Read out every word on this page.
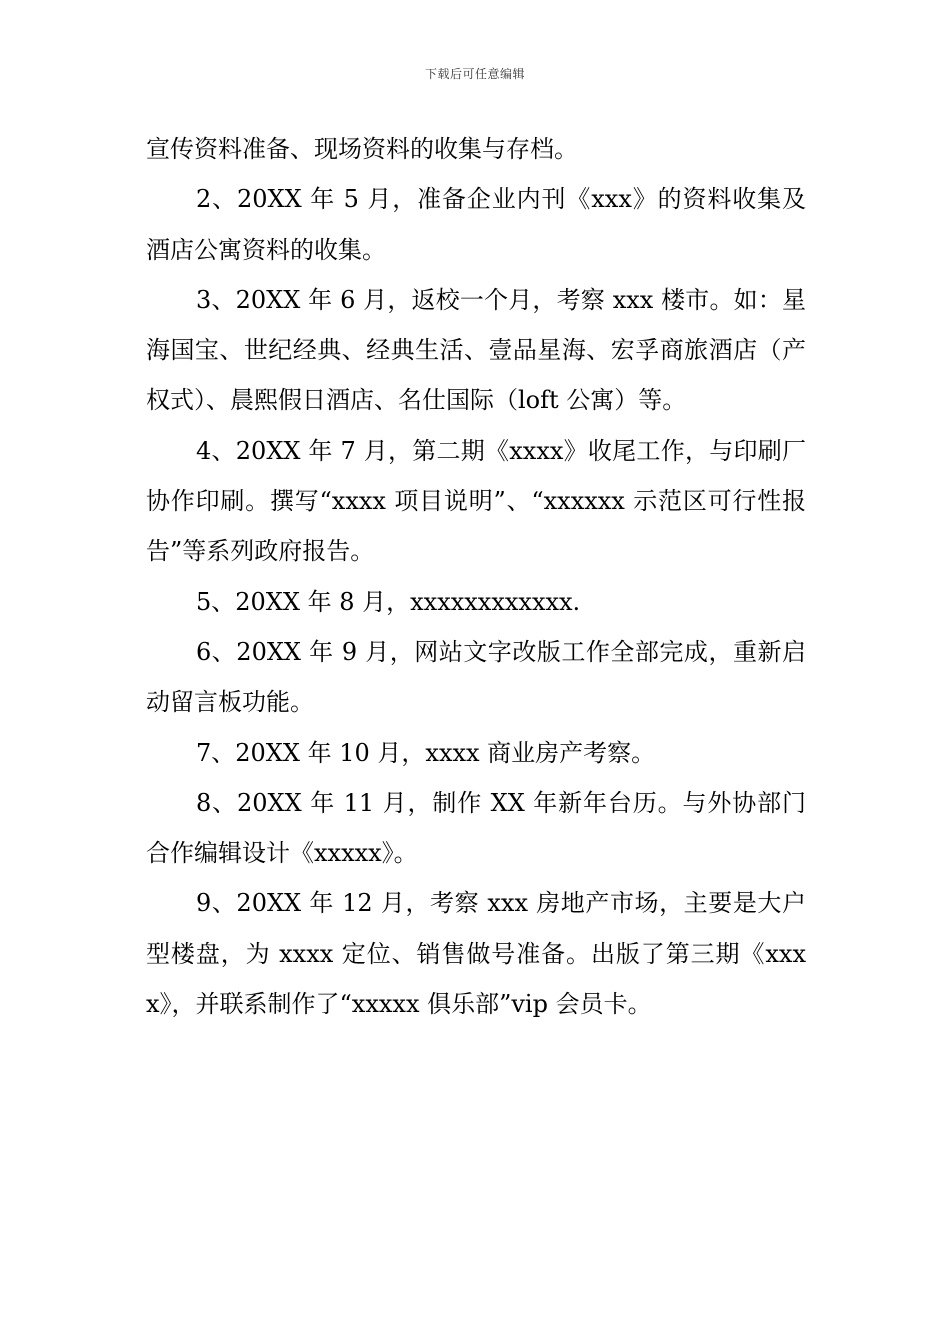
下载后可任意编辑

宣传资料准备、现场资料的收集与存档。

2、20XX 年 5 月，准备企业内刊《xxx》的资料收集及酒店公寓资料的收集。

3、20XX 年 6 月，返校一个月，考察 xxx 楼市。如：星海国宝、世纪经典、经典生活、壹品星海、宏孚商旅酒店（产权式）、晨熙假日酒店、名仕国际（loft 公寓）等。

4、20XX 年 7 月，第二期《xxxx》收尾工作，与印刷厂协作印刷。撰写“xxxx 项目说明”、“xxxxxx 示范区可行性报告”等系列政府报告。

5、20XX 年 8 月，xxxxxxxxxxxx.

6、20XX 年 9 月，网站文字改版工作全部完成，重新启动留言板功能。

7、20XX 年 10 月，xxxx 商业房产考察。

8、20XX 年 11 月，制作 XX 年新年台历。与外协部门合作编辑设计《xxxxx》。

9、20XX 年 12 月，考察 xxx 房地产市场，主要是大户型楼盘，为 xxxx 定位、销售做号准备。出版了第三期《xxxx》，并联系制作了“xxxxx 俱乐部”vip 会员卡。
